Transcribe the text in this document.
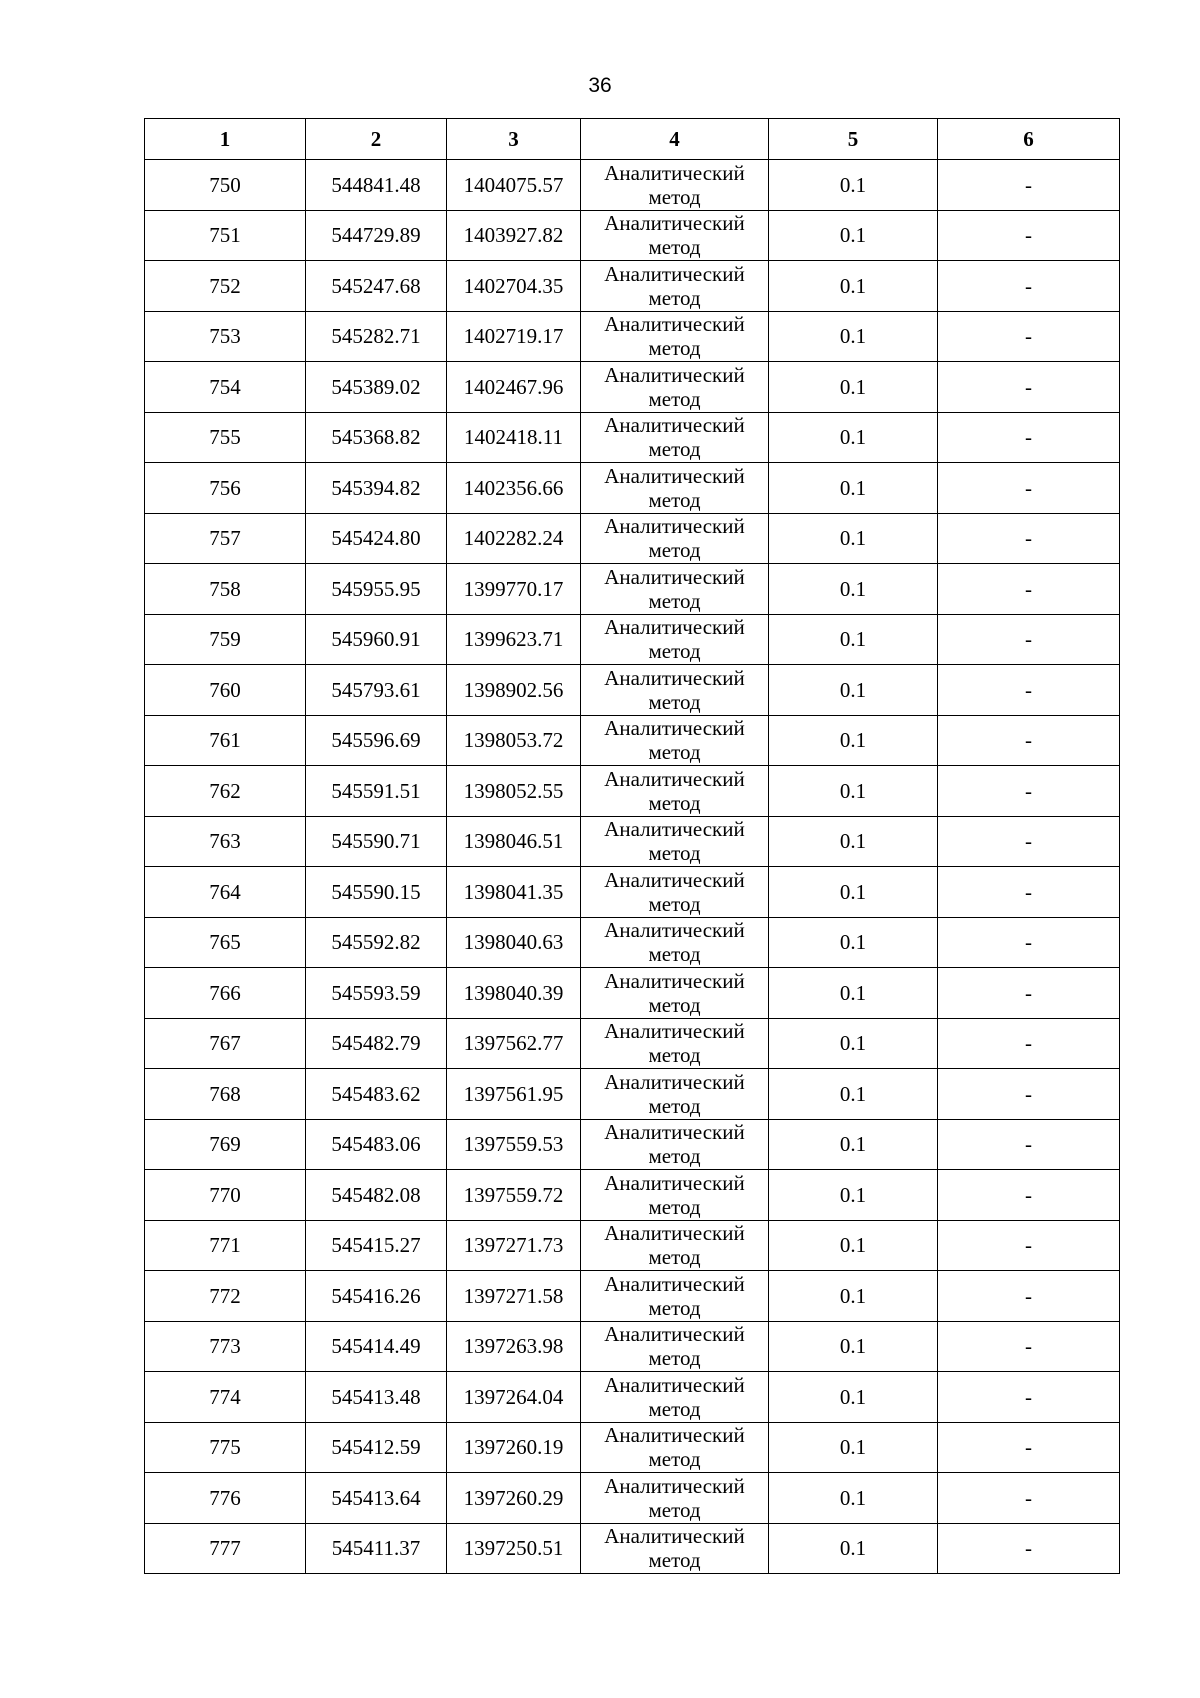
36
1	2	3	4	5	6
750	544841.48	1404075.57	Аналитический метод	0.1	-
751	544729.89	1403927.82	Аналитический метод	0.1	-
752	545247.68	1402704.35	Аналитический метод	0.1	-
753	545282.71	1402719.17	Аналитический метод	0.1	-
754	545389.02	1402467.96	Аналитический метод	0.1	-
755	545368.82	1402418.11	Аналитический метод	0.1	-
756	545394.82	1402356.66	Аналитический метод	0.1	-
757	545424.80	1402282.24	Аналитический метод	0.1	-
758	545955.95	1399770.17	Аналитический метод	0.1	-
759	545960.91	1399623.71	Аналитический метод	0.1	-
760	545793.61	1398902.56	Аналитический метод	0.1	-
761	545596.69	1398053.72	Аналитический метод	0.1	-
762	545591.51	1398052.55	Аналитический метод	0.1	-
763	545590.71	1398046.51	Аналитический метод	0.1	-
764	545590.15	1398041.35	Аналитический метод	0.1	-
765	545592.82	1398040.63	Аналитический метод	0.1	-
766	545593.59	1398040.39	Аналитический метод	0.1	-
767	545482.79	1397562.77	Аналитический метод	0.1	-
768	545483.62	1397561.95	Аналитический метод	0.1	-
769	545483.06	1397559.53	Аналитический метод	0.1	-
770	545482.08	1397559.72	Аналитический метод	0.1	-
771	545415.27	1397271.73	Аналитический метод	0.1	-
772	545416.26	1397271.58	Аналитический метод	0.1	-
773	545414.49	1397263.98	Аналитический метод	0.1	-
774	545413.48	1397264.04	Аналитический метод	0.1	-
775	545412.59	1397260.19	Аналитический метод	0.1	-
776	545413.64	1397260.29	Аналитический метод	0.1	-
777	545411.37	1397250.51	Аналитический метод	0.1	-
